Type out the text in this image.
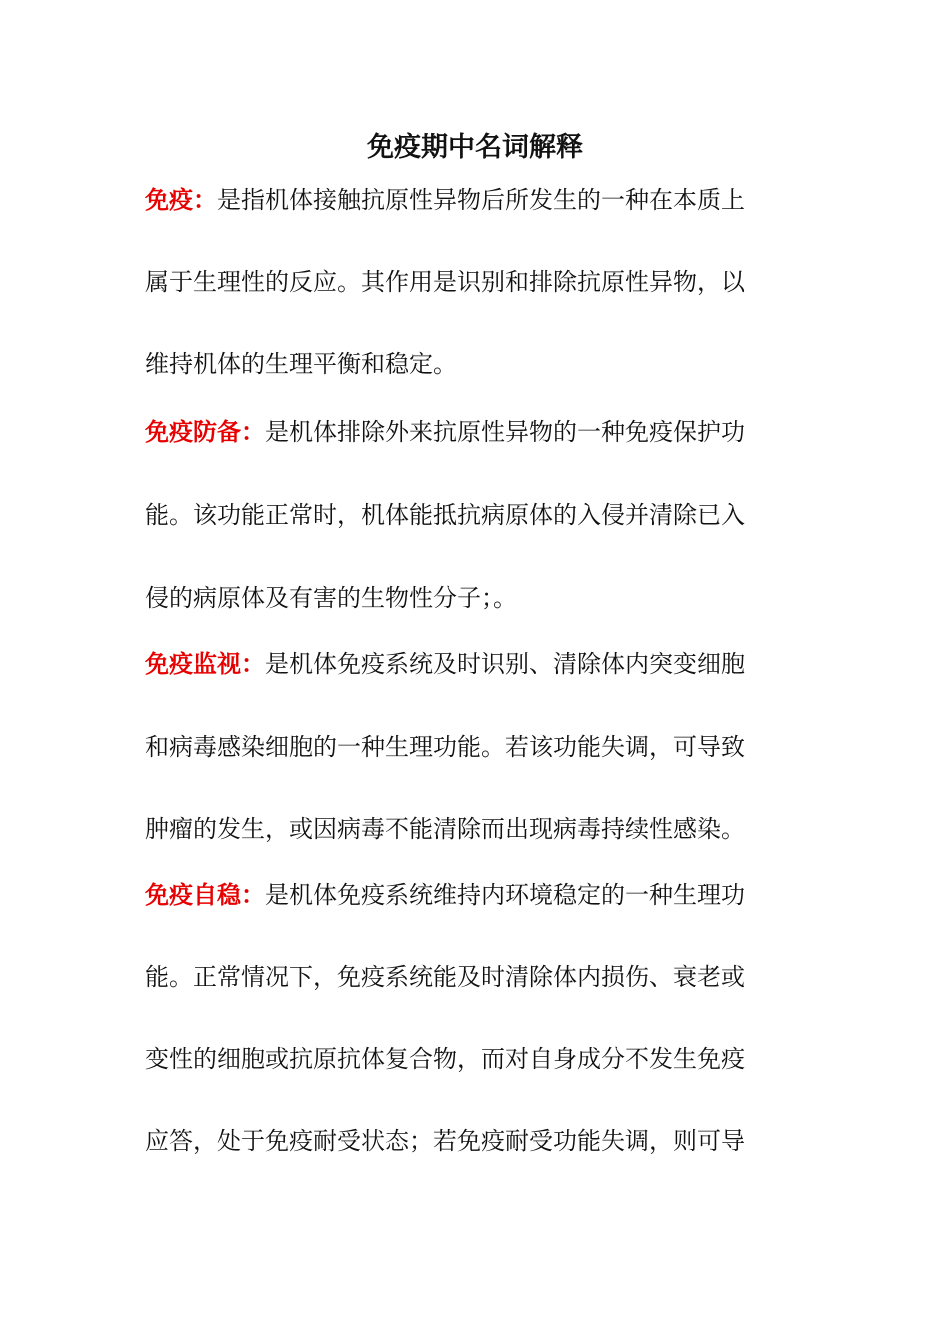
免疫期中名词解释

免疫：是指机体接触抗原性异物后所发生的一种在本质上

属于生理性的反应。其作用是识别和排除抗原性异物，以

维持机体的生理平衡和稳定。

免疫防备：是机体排除外来抗原性异物的一种免疫保护功

能。该功能正常时，机体能抵抗病原体的入侵并清除已入

侵的病原体及有害的生物性分子；。

免疫监视：是机体免疫系统及时识别、清除体内突变细胞

和病毒感染细胞的一种生理功能。若该功能失调，可导致

肿瘤的发生，或因病毒不能清除而出现病毒持续性感染。

免疫自稳：是机体免疫系统维持内环境稳定的一种生理功

能。正常情况下，免疫系统能及时清除体内损伤、衰老或

变性的细胞或抗原抗体复合物，而对自身成分不发生免疫

应答，处于免疫耐受状态；若免疫耐受功能失调，则可导
